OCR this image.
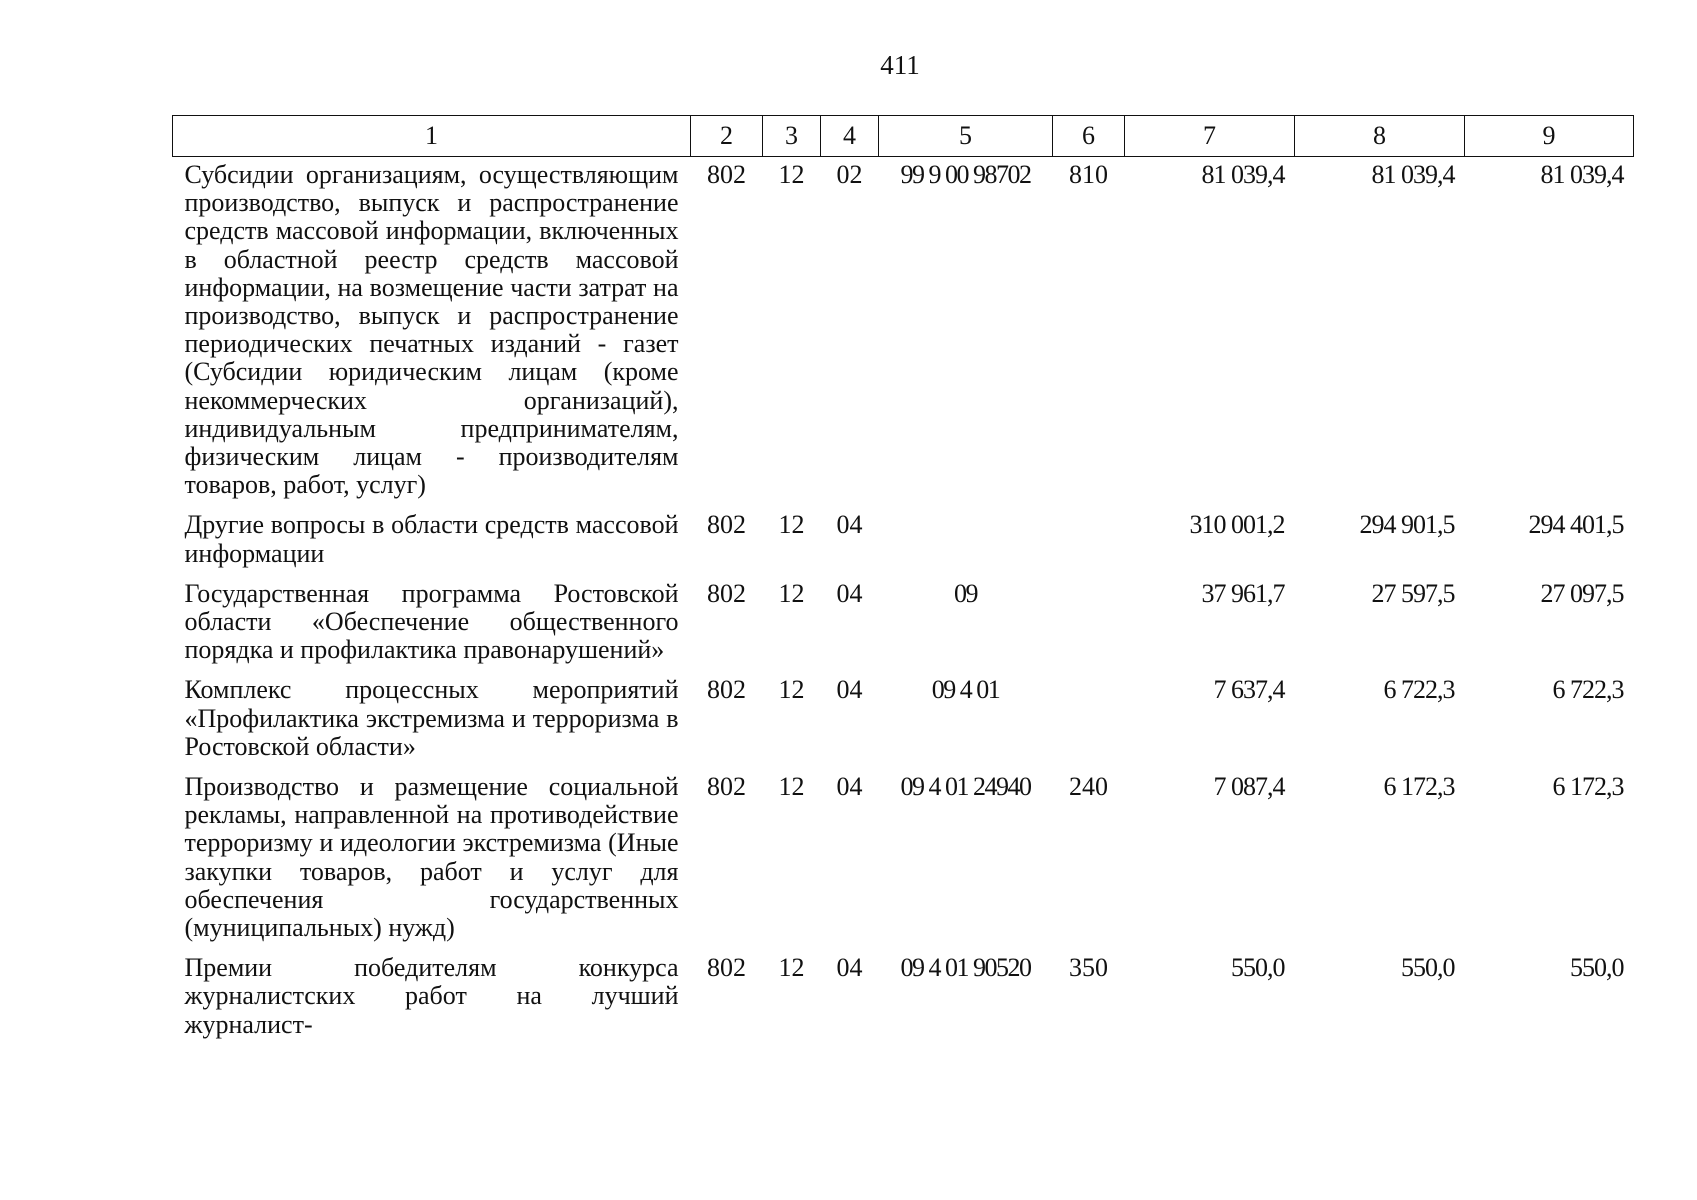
411
1	2	3	4	5	6	7	8	9
Субсидии организациям, осуществляющим производство, выпуск и распространение средств массовой информации, включенных в областной реестр средств массовой информации, на возмещение части затрат на производство, выпуск и распространение периодических печатных изданий - газет (Субсидии юридическим лицам (кроме некоммерческих организаций), индивидуальным предпринимателям, физическим лицам - производителям товаров, работ, услуг)	802	12	02	99 9 00 98702	810	81 039,4	81 039,4	81 039,4
Другие вопросы в области средств массовой информации	802	12	04			310 001,2	294 901,5	294 401,5
Государственная программа Ростовской области «Обеспечение общественного порядка и профилактика правонарушений»	802	12	04	09		37 961,7	27 597,5	27 097,5
Комплекс процессных мероприятий «Профилактика экстремизма и терроризма в Ростовской области»	802	12	04	09 4 01		7 637,4	6 722,3	6 722,3
Производство и размещение социальной рекламы, направленной на противодействие терроризму и идеологии экстремизма (Иные закупки товаров, работ и услуг для обеспечения государственных (муниципальных) нужд)	802	12	04	09 4 01 24940	240	7 087,4	6 172,3	6 172,3
Премии победителям конкурса журналистских работ на лучший журналист-	802	12	04	09 4 01 90520	350	550,0	550,0	550,0
